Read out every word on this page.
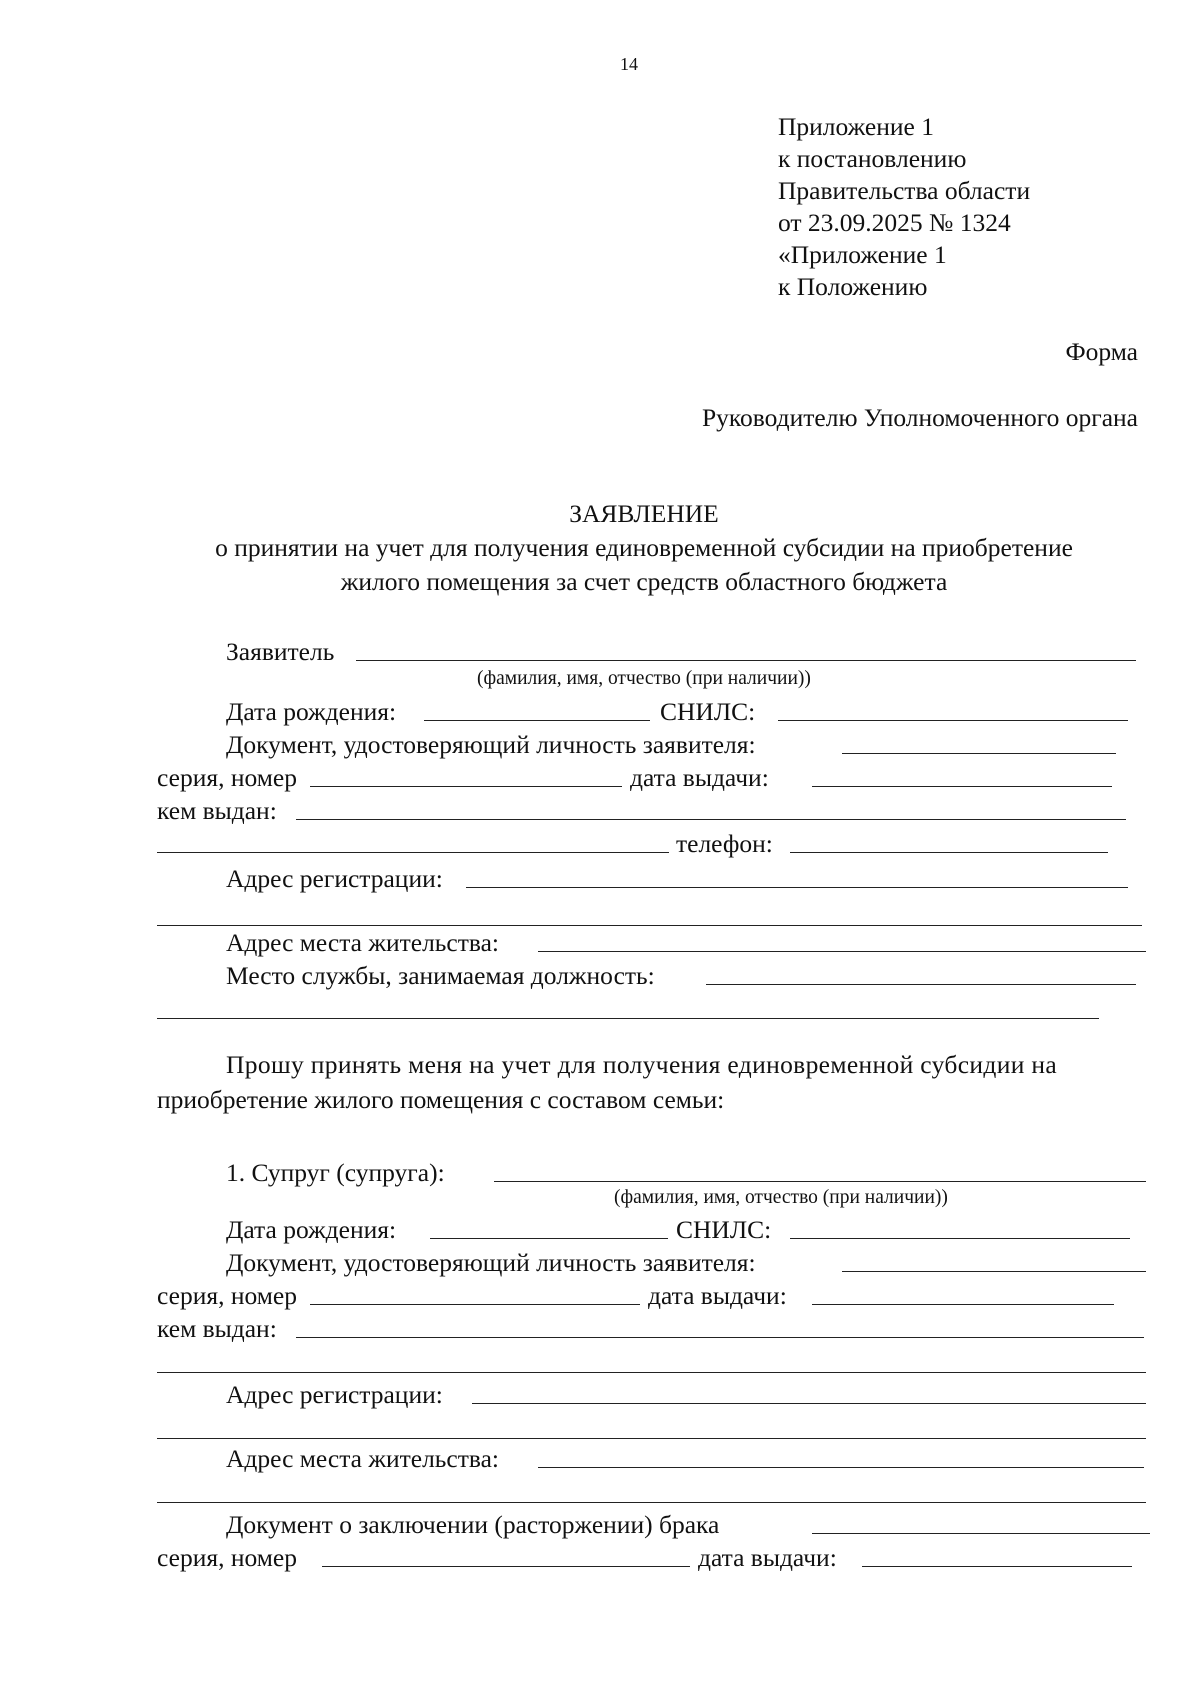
14
Приложение 1
к постановлению
Правительства области
от 23.09.2025 № 1324
«Приложение 1
к Положению
Форма
Руководителю Уполномоченного органа
ЗАЯВЛЕНИЕ
о принятии на учет для получения единовременной субсидии на приобретение
жилого помещения за счет средств областного бюджета
Заявитель
(фамилия, имя, отчество (при наличии))
Дата рождения:	СНИЛС:
Документ, удостоверяющий личность заявителя:
серия, номер	дата выдачи:
кем выдан:
телефон:
Адрес регистрации:
Адрес места жительства:
Место службы, занимаемая должность:
Прошу принять меня на учет для получения единовременной субсидии на
приобретение жилого помещения с составом семьи:
1. Супруг (супруга):
(фамилия, имя, отчество (при наличии))
Дата рождения:	СНИЛС:
Документ, удостоверяющий личность заявителя:
серия, номер	дата выдачи:
кем выдан:
Адрес регистрации:
Адрес места жительства:
Документ о заключении (расторжении) брака
серия, номер	дата выдачи:
